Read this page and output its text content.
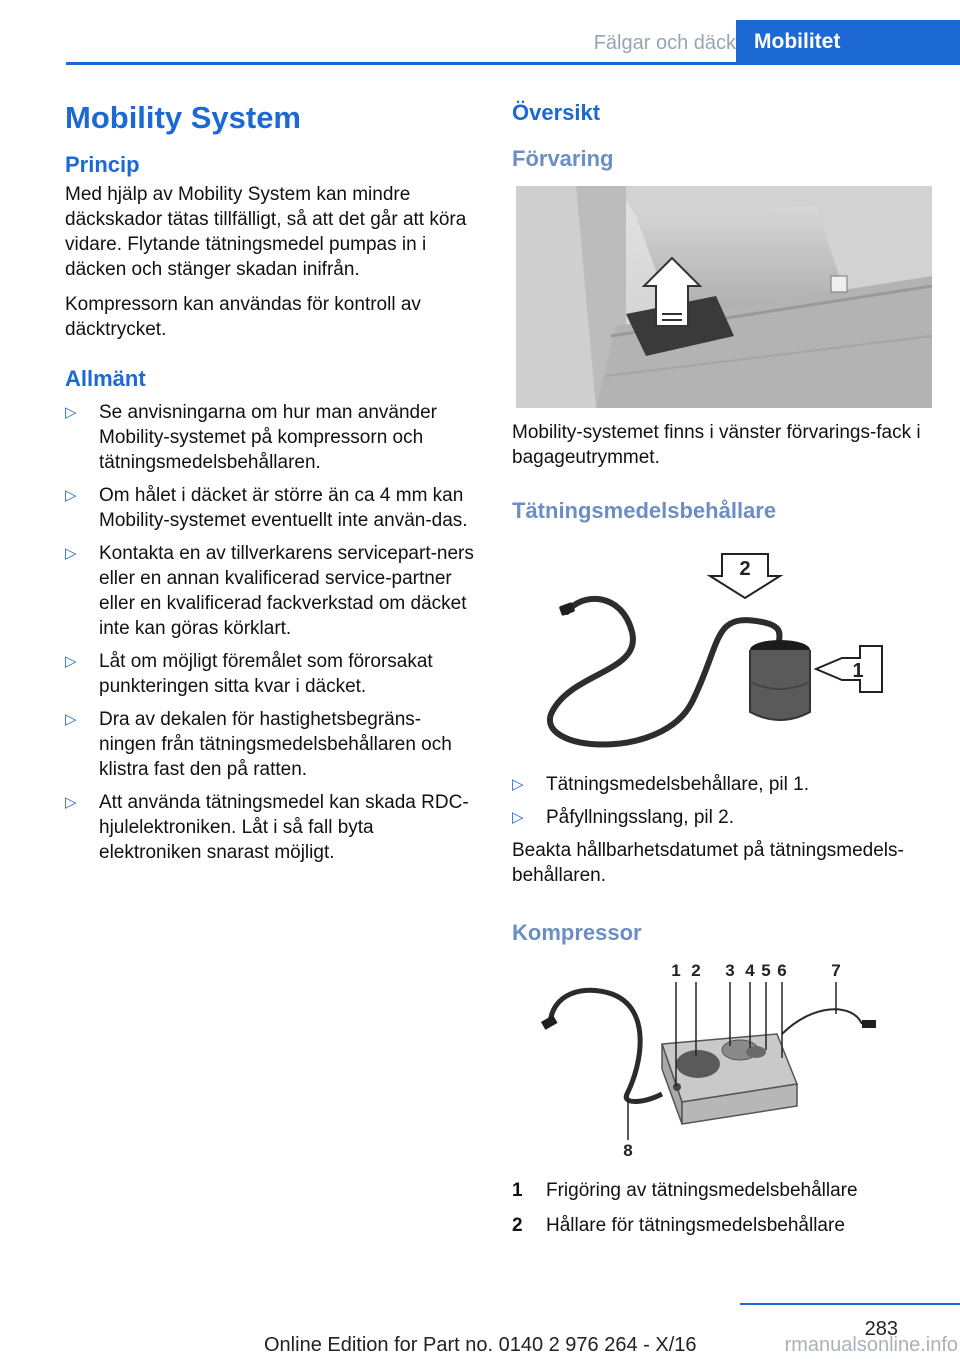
Fälgar och däck Mobilitet
Mobility System
Princip

Med hjälp av Mobility System kan mindre däckskador tätas tillfälligt, så att det går att köra vidare. Flytande tätningsmedel pumpas in i däcken och stänger skadan inifrån.

Kompressorn kan användas för kontroll av däcktrycket.

Allmänt
▷ Se anvisningarna om hur man använder Mobility-systemet på kompressorn och tätningsmedelsbehållaren.
▷ Om hålet i däcket är större än ca 4 mm kan Mobility-systemet eventuellt inte använ-das.
▷ Kontakta en av tillverkarens servicepart-ners eller en annan kvalificerad service-partner eller en kvalificerad fackverkstad om däcket inte kan göras körklart.
▷ Låt om möjligt föremålet som förorsakat punkteringen sitta kvar i däcket.
▷ Dra av dekalen för hastighetsbegräns-ningen från tätningsmedelsbehållaren och klistra fast den på ratten.
▷ Att använda tätningsmedel kan skada RDC-hjulelektroniken. Låt i så fall byta elektroniken snarast möjligt.
Översikt
Förvaring

Mobility-systemet finns i vänster förvarings-fack i bagageutrymmet.

Tätningsmedelsbehållare
2
1
▷ Tätningsmedelsbehållare, pil 1.
▷ Påfyllningsslang, pil 2.

Beakta hållbarhetsdatumet på tätningsmedels-behållaren.

Kompressor
1 2 3 4 5 6	7
8
1 Frigöring av tätningsmedelsbehållare
2 Hållare för tätningsmedelsbehållare
283
Online Edition for Part no. 0140 2 976 264 - X/16	rmanualsonline.info
